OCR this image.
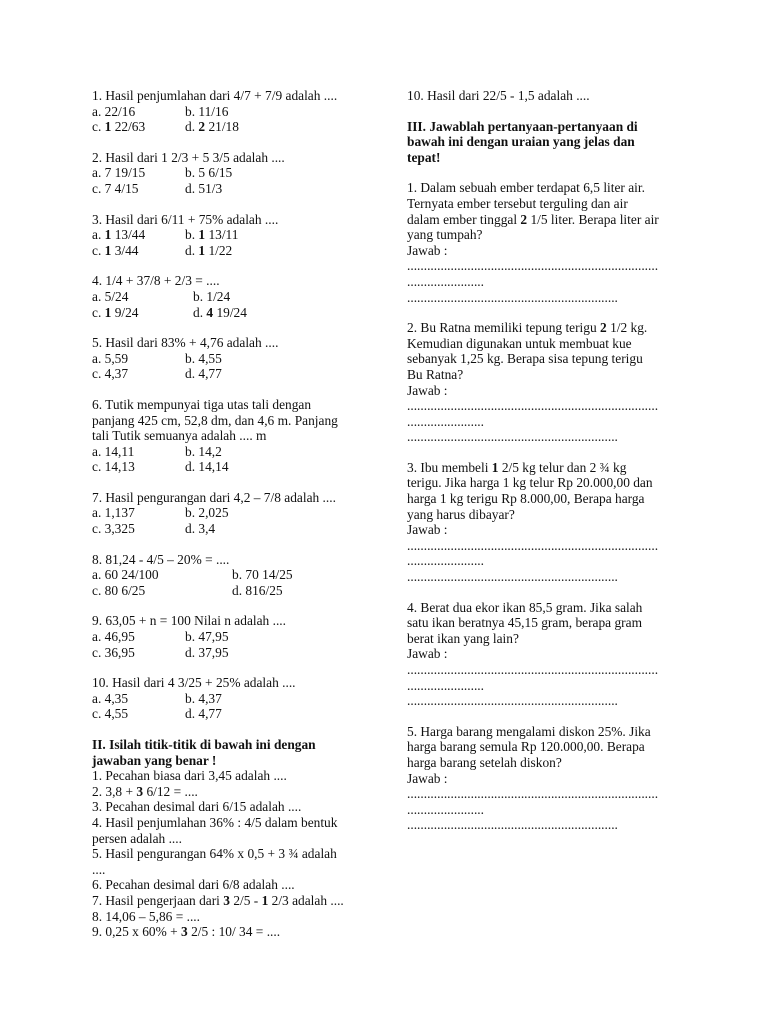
1. Hasil penjumlahan dari 4/7 + 7/9 adalah ....
a. 22/16	b. 11/16
c. 1 22/63	d. 2 21/18
2. Hasil dari 1 2/3 + 5 3/5 adalah ....
a. 7 19/15	b. 5 6/15
c. 7 4/15	d. 51/3
3. Hasil dari 6/11 + 75% adalah ....
a. 1 13/44	b. 1 13/11
c. 1 3/44	d. 1 1/22
4. 1/4 + 37/8 + 2/3 = ....
a. 5/24	b. 1/24
c. 1 9/24	d. 4 19/24
5. Hasil dari 83% + 4,76 adalah ....
a. 5,59	b. 4,55
c. 4,37	d. 4,77
6. Tutik mempunyai tiga utas tali dengan
panjang 425 cm, 52,8 dm, dan 4,6 m. Panjang
tali Tutik semuanya adalah .... m
a. 14,11	b. 14,2
c. 14,13	d. 14,14
7. Hasil pengurangan dari 4,2 – 7/8 adalah ....
a. 1,137	b. 2,025
c. 3,325	d. 3,4
8. 81,24 - 4/5 – 20% = ....
a. 60 24/100	b. 70 14/25
c. 80 6/25	d. 816/25
9. 63,05 + n = 100 Nilai n adalah ....
a. 46,95	b. 47,95
c. 36,95	d. 37,95
10. Hasil dari 4 3/25 + 25% adalah ....
a. 4,35	b. 4,37
c. 4,55	d. 4,77
II. Isilah titik-titik di bawah ini dengan
jawaban yang benar !
1. Pecahan biasa dari 3,45 adalah ....
2. 3,8 + 3 6/12 = ....
3. Pecahan desimal dari 6/15 adalah ....
4. Hasil penjumlahan 36% : 4/5 dalam bentuk
persen adalah ....
5. Hasil pengurangan 64% x 0,5 + 3 ¾ adalah
....
6. Pecahan desimal dari 6/8 adalah ....
7. Hasil pengerjaan dari 3 2/5 - 1 2/3 adalah ....
8. 14,06 – 5,86 = ....
9. 0,25 x 60% + 3 2/5 : 10/ 34 = ....
10. Hasil dari 22/5 - 1,5 adalah ....
III. Jawablah pertanyaan-pertanyaan di
bawah ini dengan uraian yang jelas dan
tepat!
1. Dalam sebuah ember terdapat 6,5 liter air.
Ternyata ember tersebut terguling dan air
dalam ember tinggal 2 1/5 liter. Berapa liter air
yang tumpah?
Jawab :
...........................................................................
.......................
...............................................................
2. Bu Ratna memiliki tepung terigu 2 1/2 kg.
Kemudian digunakan untuk membuat kue
sebanyak 1,25 kg. Berapa sisa tepung terigu
Bu Ratna?
Jawab :
...........................................................................
.......................
...............................................................
3. Ibu membeli 1 2/5 kg telur dan 2 ¾ kg
terigu. Jika harga 1 kg telur Rp 20.000,00 dan
harga 1 kg terigu Rp 8.000,00, Berapa harga
yang harus dibayar?
Jawab :
...........................................................................
.......................
...............................................................
4. Berat dua ekor ikan 85,5 gram. Jika salah
satu ikan beratnya 45,15 gram, berapa gram
berat ikan yang lain?
Jawab :
...........................................................................
.......................
...............................................................
5. Harga barang mengalami diskon 25%. Jika
harga barang semula Rp 120.000,00. Berapa
harga barang setelah diskon?
Jawab :
...........................................................................
.......................
...............................................................
